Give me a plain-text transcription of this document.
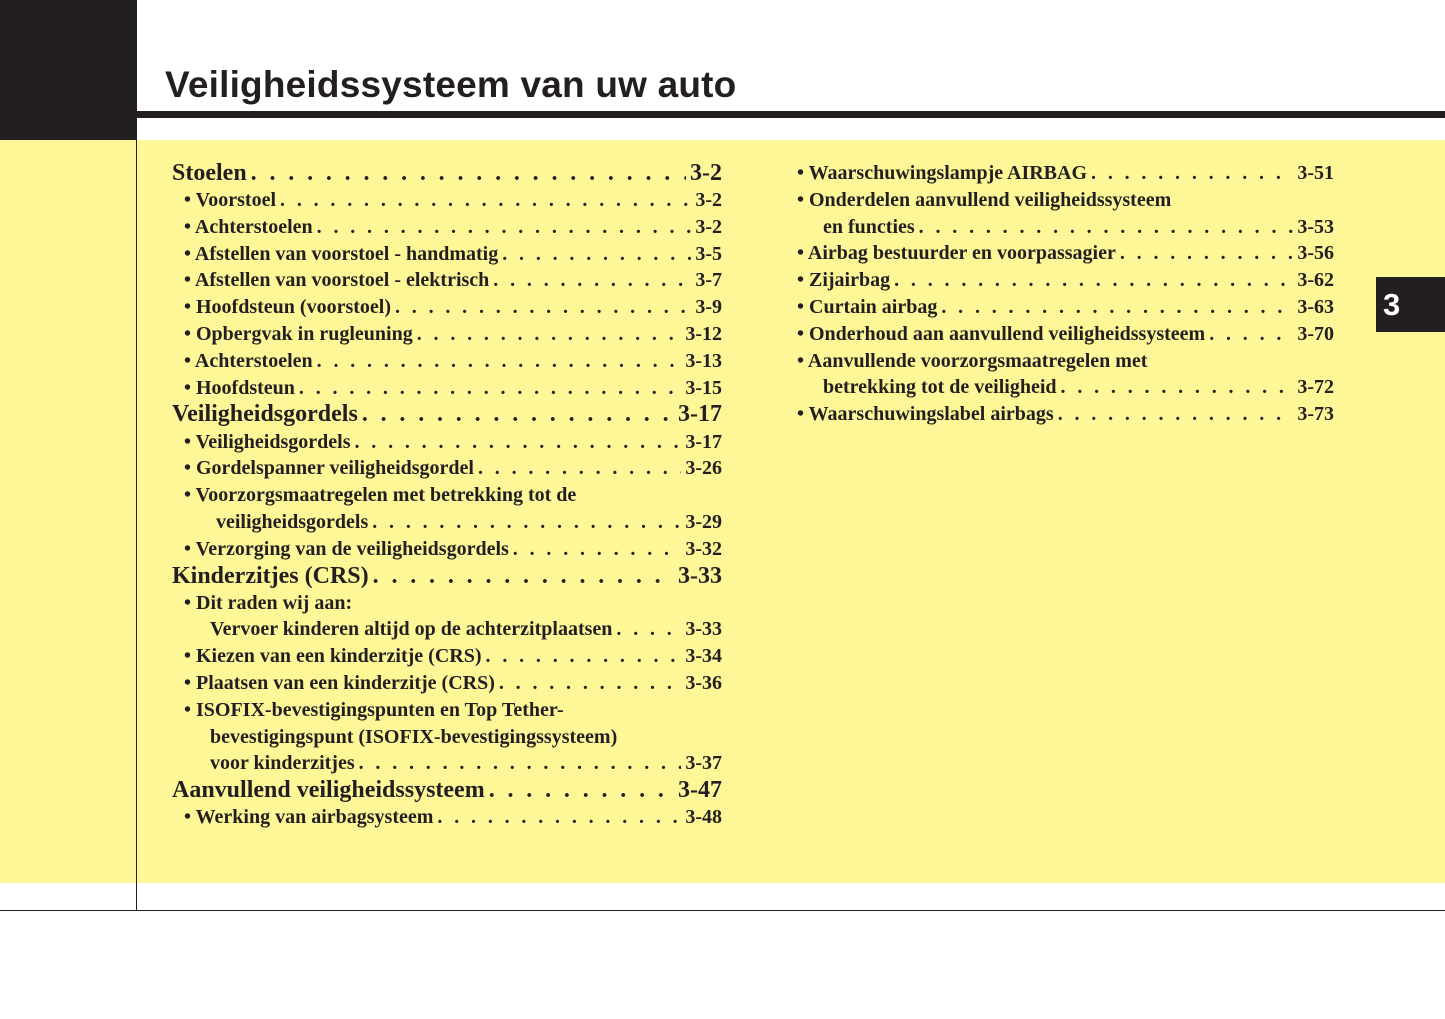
Veiligheidssysteem van uw auto
3
Stoelen . . .	3-2
• Voorstoel . . .	3-2
• Achterstoelen . . .	3-2
• Afstellen van voorstoel - handmatig . . .	3-5
• Afstellen van voorstoel - elektrisch . . .	3-7
• Hoofdsteun (voorstoel) . . .	3-9
• Opbergvak in rugleuning . . .	3-12
• Achterstoelen . . .	3-13
• Hoofdsteun . . .	3-15
Veiligheidsgordels . . .	3-17
• Veiligheidsgordels . . .	3-17
• Gordelspanner veiligheidsgordel . . .	3-26
• Voorzorgsmaatregelen met betrekking tot de
veiligheidsgordels . . .	3-29
• Verzorging van de veiligheidsgordels . . .	3-32
Kinderzitjes (CRS) . . .	3-33
• Dit raden wij aan:
Vervoer kinderen altijd op de achterzitplaatsen . . .	3-33
• Kiezen van een kinderzitje (CRS) . . .	3-34
• Plaatsen van een kinderzitje (CRS) . . .	3-36
• ISOFIX-bevestigingspunten en Top Tether-
bevestigingspunt (ISOFIX-bevestigingssysteem)
voor kinderzitjes . . .	3-37
Aanvullend veiligheidssysteem . . .	3-47
• Werking van airbagsysteem . . .	3-48
• Waarschuwingslampje AIRBAG . . .	3-51
• Onderdelen aanvullend veiligheidssysteem
en functies . . .	3-53
• Airbag bestuurder en voorpassagier . . .	3-56
• Zijairbag . . .	3-62
• Curtain airbag . . .	3-63
• Onderhoud aan aanvullend veiligheidssysteem . . .	3-70
• Aanvullende voorzorgsmaatregelen met
betrekking tot de veiligheid . . .	3-72
• Waarschuwingslabel airbags . . .	3-73
